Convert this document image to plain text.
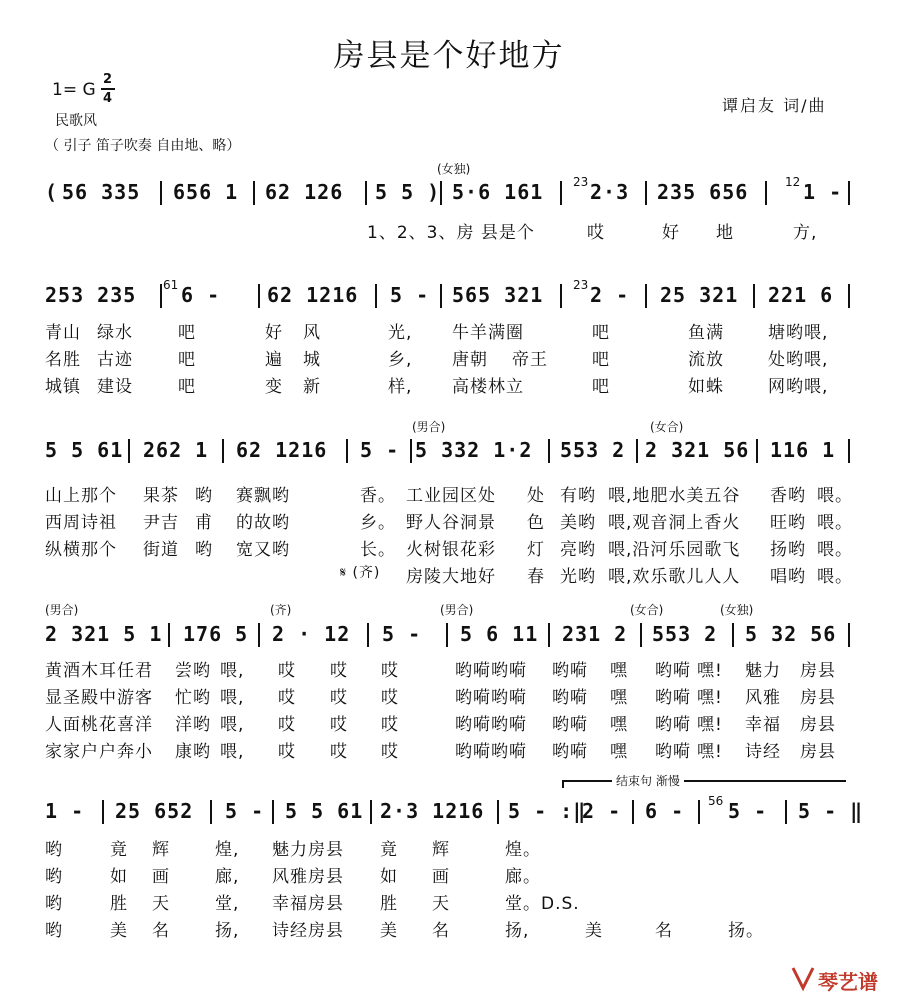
房县是个好地方
1= G
2
4
民歌风
（ 引子 笛子吹奏 自由地、略）
谭启友 词/曲
(女独)
( 56 335 656 1 62 126 5 5 ) 5·6 161 23 2·3 235 656	12 1 -
1、2、3、房 县是个	哎	好 地	方,
253 235 61 6 - 62 1216 5 - 565 321 23 2 - 25 321 221 6
青山 绿水	吧	好 风	光, 牛羊满圈	吧	鱼满	塘哟喂,
名胜 古迹	吧	遍 城	乡, 唐朝 帝王	吧	流放	处哟喂,
城镇 建设	吧	变 新	样, 高楼林立	吧	如蛛	网哟喂,
(男合)	(女合)
5 5 61 262 1 62 1216 5 - 5 332 1·2 553 2 2 321 56 116 1
山上那个 果茶 哟 赛飘哟	香。 工业园区处 处 有哟 喂,地肥水美五谷 香哟 喂。
西周诗祖 尹吉 甫 的故哟	乡。 野人谷洞景 色 美哟 喂,观音洞上香火 旺哟 喂。
纵横那个 街道 哟 宽又哟	长。 火树银花彩 灯 亮哟 喂,沿河乐园歌飞 扬哟 喂。
𝄋 (齐) 房陵大地好 春 光哟 喂,欢乐歌儿人人 唱哟 喂。
(男合)	(齐)	(男合)	(女合)	(女独)
2 321 5 1 176 5 2 · 12 5 - 5 6 11 231 2 553 2 5 32 56
黄酒木耳任君 尝哟 喂, 哎 哎 哎	哟嗬哟嗬 哟嗬 嘿 哟嗬 嘿! 魅力 房县
显圣殿中游客 忙哟 喂, 哎 哎 哎	哟嗬哟嗬 哟嗬 嘿 哟嗬 嘿! 风雅 房县
人面桃花喜洋 洋哟 喂, 哎 哎 哎	哟嗬哟嗬 哟嗬 嘿 哟嗬 嘿! 幸福 房县
家家户户奔小 康哟 喂, 哎 哎 哎	哟嗬哟嗬 哟嗬 嘿 哟嗬 嘿! 诗经 房县
结束句 渐慢
1 - 25 652 5 - 5 5 61 2·3 1216 5 - :‖
2 - 6 - 56 5 - 5 - ‖
哟	竟 辉	煌, 魅力房县 竟 辉	煌。
哟	如 画	廊, 风雅房县 如 画	廊。
哟	胜 天	堂, 幸福房县 胜 天	堂。D.S.
哟	美 名	扬, 诗经房县 美 名	扬,	美	名	扬。
琴艺谱
